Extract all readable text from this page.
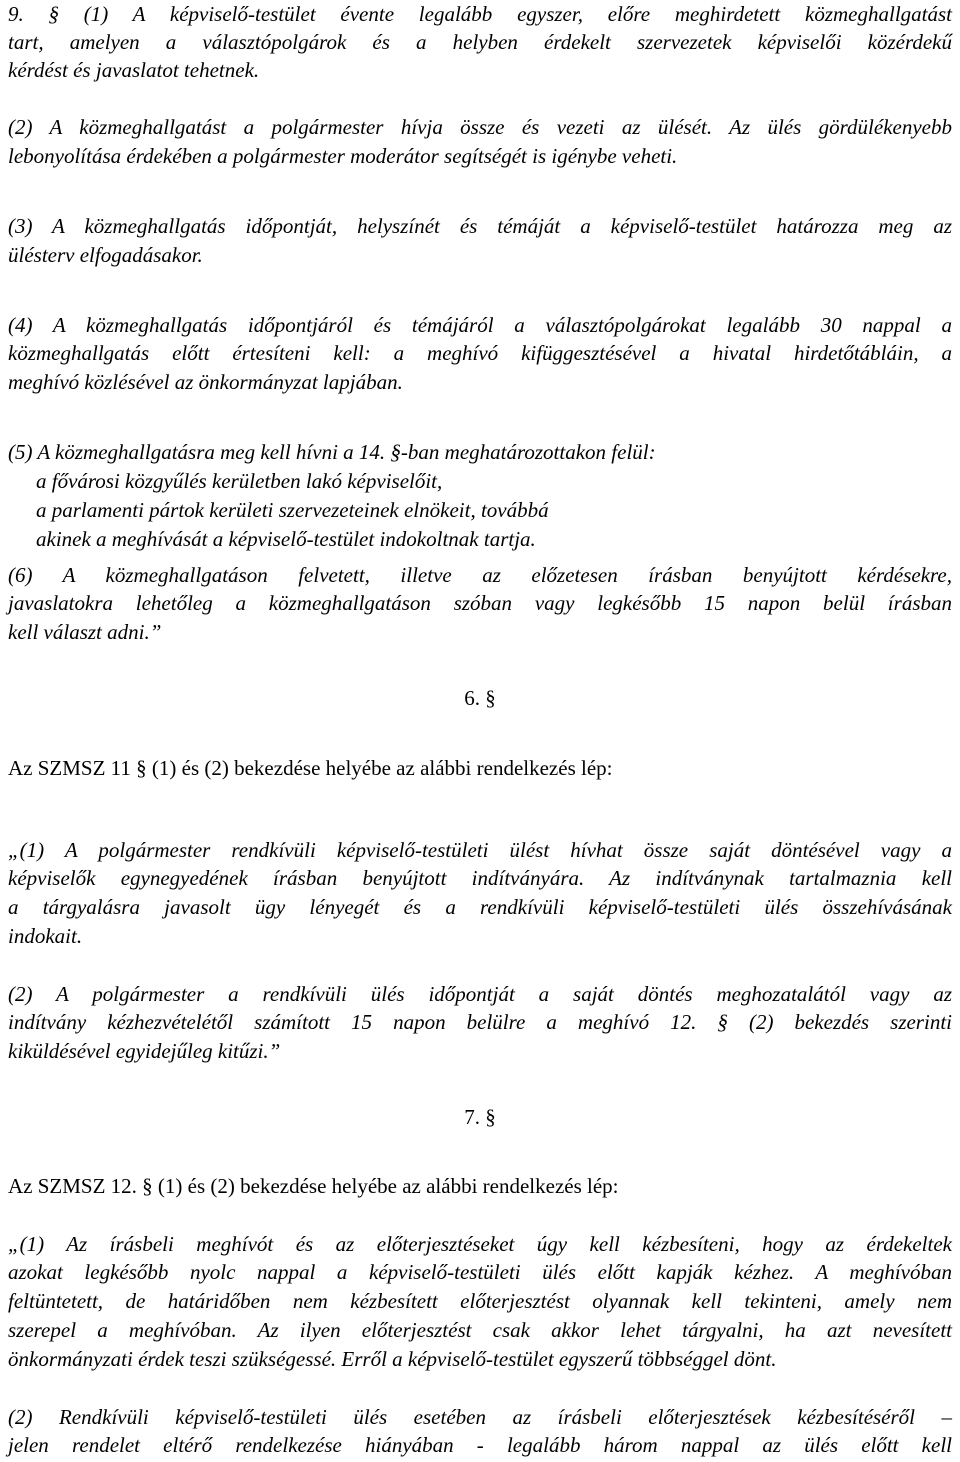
9. § (1) A képviselő-testület évente legalább egyszer, előre meghirdetett közmeghallgatást
tart, amelyen a választópolgárok és a helyben érdekelt szervezetek képviselői közérdekű
kérdést és javaslatot tehetnek.
(2) A közmeghallgatást a polgármester hívja össze és vezeti az ülését. Az ülés gördülékenyebb
lebonyolítása érdekében a polgármester moderátor segítségét is igénybe veheti.
(3) A közmeghallgatás időpontját, helyszínét és témáját a képviselő-testület határozza meg az
ülésterv elfogadásakor.
(4) A közmeghallgatás időpontjáról és témájáról a választópolgárokat legalább 30 nappal a
közmeghallgatás előtt értesíteni kell: a meghívó kifüggesztésével a hivatal hirdetőtábláin, a
meghívó közlésével az önkormányzat lapjában.
(5) A közmeghallgatásra meg kell hívni a 14. §-ban meghatározottakon felül:
a fővárosi közgyűlés kerületben lakó képviselőit,
a parlamenti pártok kerületi szervezeteinek elnökeit, továbbá
akinek a meghívását a képviselő-testület indokoltnak tartja.
(6) A közmeghallgatáson felvetett, illetve az előzetesen írásban benyújtott kérdésekre,
javaslatokra lehetőleg a közmeghallgatáson szóban vagy legkésőbb 15 napon belül írásban
kell választ adni.”
6. §
Az SZMSZ 11 § (1) és (2) bekezdése helyébe az alábbi rendelkezés lép:
„(1) A polgármester rendkívüli képviselő-testületi ülést hívhat össze saját döntésével vagy a
képviselők egynegyedének írásban benyújtott indítványára. Az indítványnak tartalmaznia kell
a tárgyalásra javasolt ügy lényegét és a rendkívüli képviselő-testületi ülés összehívásának
indokait.
(2) A polgármester a rendkívüli ülés időpontját a saját döntés meghozatalától vagy az
indítvány kézhezvételétől számított 15 napon belülre a meghívó 12. § (2) bekezdés szerinti
kiküldésével egyidejűleg kitűzi.”
7. §
Az SZMSZ 12. § (1) és (2) bekezdése helyébe az alábbi rendelkezés lép:
„(1) Az írásbeli meghívót és az előterjesztéseket úgy kell kézbesíteni, hogy az érdekeltek
azokat legkésőbb nyolc nappal a képviselő-testületi ülés előtt kapják kézhez. A meghívóban
feltüntetett, de határidőben nem kézbesített előterjesztést olyannak kell tekinteni, amely nem
szerepel a meghívóban. Az ilyen előterjesztést csak akkor lehet tárgyalni, ha azt nevesített
önkormányzati érdek teszi szükségessé. Erről a képviselő-testület egyszerű többséggel dönt.
(2) Rendkívüli képviselő-testületi ülés esetében az írásbeli előterjesztések kézbesítéséről –
jelen rendelet eltérő rendelkezése hiányában - legalább három nappal az ülés előtt kell
